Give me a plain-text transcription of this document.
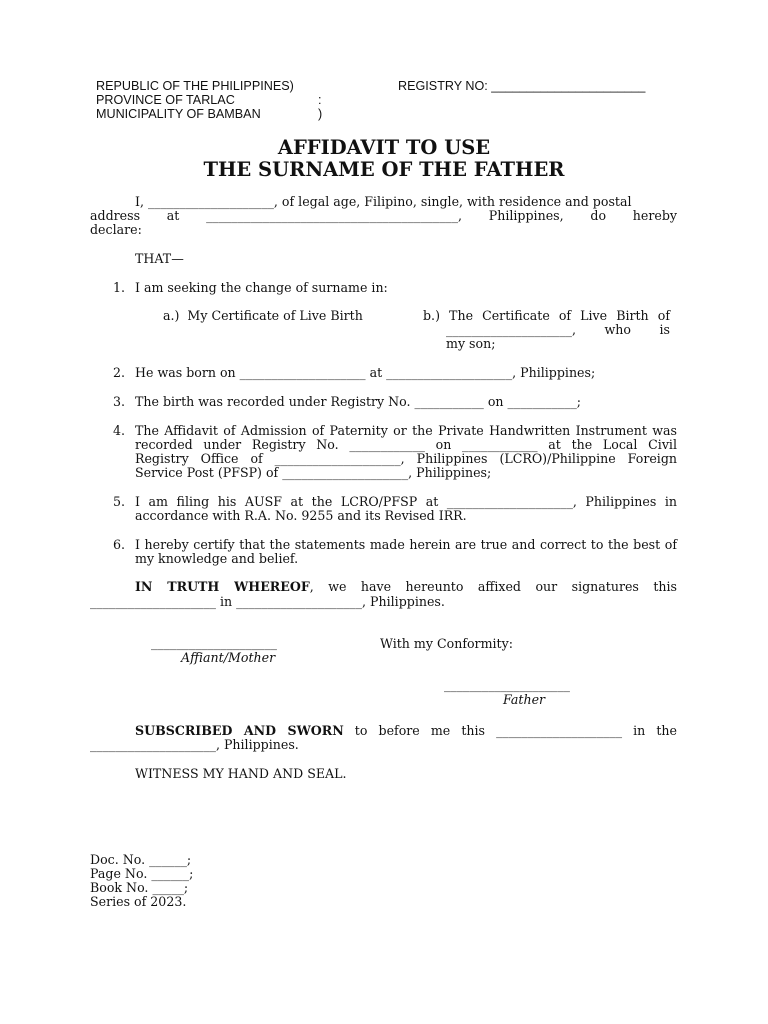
REPUBLIC OF THE PHILIPPINES)
PROVINCE OF TARLAC	:
MUNICIPALITY OF BAMBAN	)
REGISTRY NO: ______________________
AFFIDAVIT TO USE
THE SURNAME OF THE FATHER
I, ____________________, of legal age, Filipino, single, with residence and postal
address at ________________________________________, Philippines, do hereby
declare:
THAT—
1. I am seeking the change of surname in:
a.)  My Certificate of Live Birth	b.) The Certificate of Live Birth of
____________________, who is
my son;
2. He was born on ____________________ at ____________________, Philippines;
3. The birth was recorded under Registry No. ___________ on ___________;
4. The Affidavit of Admission of Paternity or the Private Handwritten Instrument was
recorded under Registry No. ____________ on ____________ at the Local Civil
Registry Office of ____________________, Philippines (LCRO)/Philippine Foreign
Service Post (PFSP) of ____________________, Philippines;
5. I am filing his AUSF at the LCRO/PFSP at ____________________, Philippines in
accordance with R.A. No. 9255 and its Revised IRR.
6. I hereby certify that the statements made herein are true and correct to the best of
my knowledge and belief.
IN TRUTH WHEREOF, we have hereunto affixed our signatures this
____________________ in ____________________, Philippines.
____________________
Affiant/Mother
With my Conformity:
____________________
Father
SUBSCRIBED AND SWORN to before me this ____________________ in the
____________________, Philippines.
WITNESS MY HAND AND SEAL.
Doc. No. ______;
Page No. ______;
Book No. _____;
Series of 2023.
